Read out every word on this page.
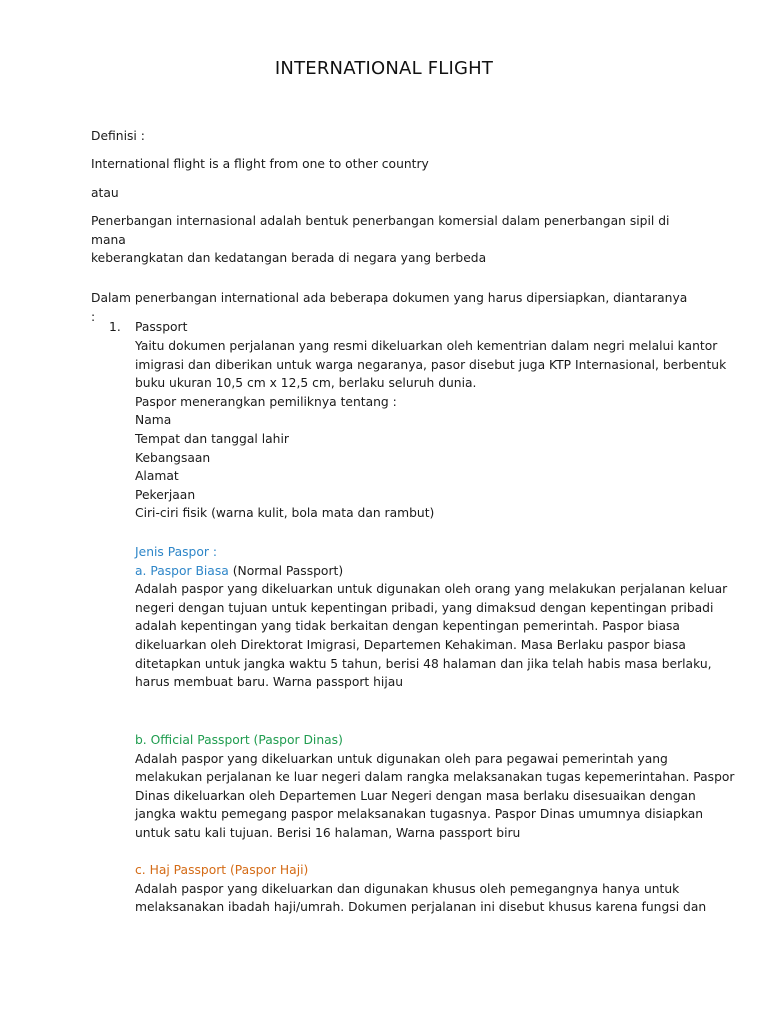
INTERNATIONAL FLIGHT
Definisi :
International flight is a flight from one to other country
atau
Penerbangan internasional adalah bentuk penerbangan komersial dalam penerbangan sipil di mana
keberangkatan dan kedatangan berada di negara yang berbeda
Dalam penerbangan international ada beberapa dokumen yang harus dipersiapkan, diantaranya :
1. Passport
Yaitu dokumen perjalanan yang resmi dikeluarkan oleh kementrian dalam negri melalui kantor
imigrasi dan diberikan untuk warga negaranya, pasor disebut juga KTP Internasional, berbentuk
buku ukuran 10,5 cm x 12,5 cm, berlaku seluruh dunia.
Paspor menerangkan pemiliknya tentang :
Nama
Tempat dan tanggal lahir
Kebangsaan
Alamat
Pekerjaan
Ciri-ciri fisik (warna kulit, bola mata dan rambut)
Jenis Paspor :
a. Paspor Biasa (Normal Passport)
Adalah paspor yang dikeluarkan untuk digunakan oleh orang yang melakukan perjalanan keluar
negeri dengan tujuan untuk kepentingan pribadi, yang dimaksud dengan kepentingan pribadi
adalah kepentingan yang tidak berkaitan dengan kepentingan pemerintah. Paspor biasa
dikeluarkan oleh Direktorat Imigrasi, Departemen Kehakiman. Masa Berlaku paspor biasa
ditetapkan untuk jangka waktu 5 tahun, berisi 48 halaman dan jika telah habis masa berlaku,
harus membuat baru. Warna passport hijau
b. Official Passport (Paspor Dinas)
Adalah paspor yang dikeluarkan untuk digunakan oleh para pegawai pemerintah yang
melakukan perjalanan ke luar negeri dalam rangka melaksanakan tugas kepemerintahan. Paspor
Dinas dikeluarkan oleh Departemen Luar Negeri dengan masa berlaku disesuaikan dengan
jangka waktu pemegang paspor melaksanakan tugasnya. Paspor Dinas umumnya disiapkan
untuk satu kali tujuan. Berisi 16 halaman, Warna passport biru
c. Haj Passport (Paspor Haji)
Adalah paspor yang dikeluarkan dan digunakan khusus oleh pemegangnya hanya untuk
melaksanakan ibadah haji/umrah. Dokumen perjalanan ini disebut khusus karena fungsi dan
